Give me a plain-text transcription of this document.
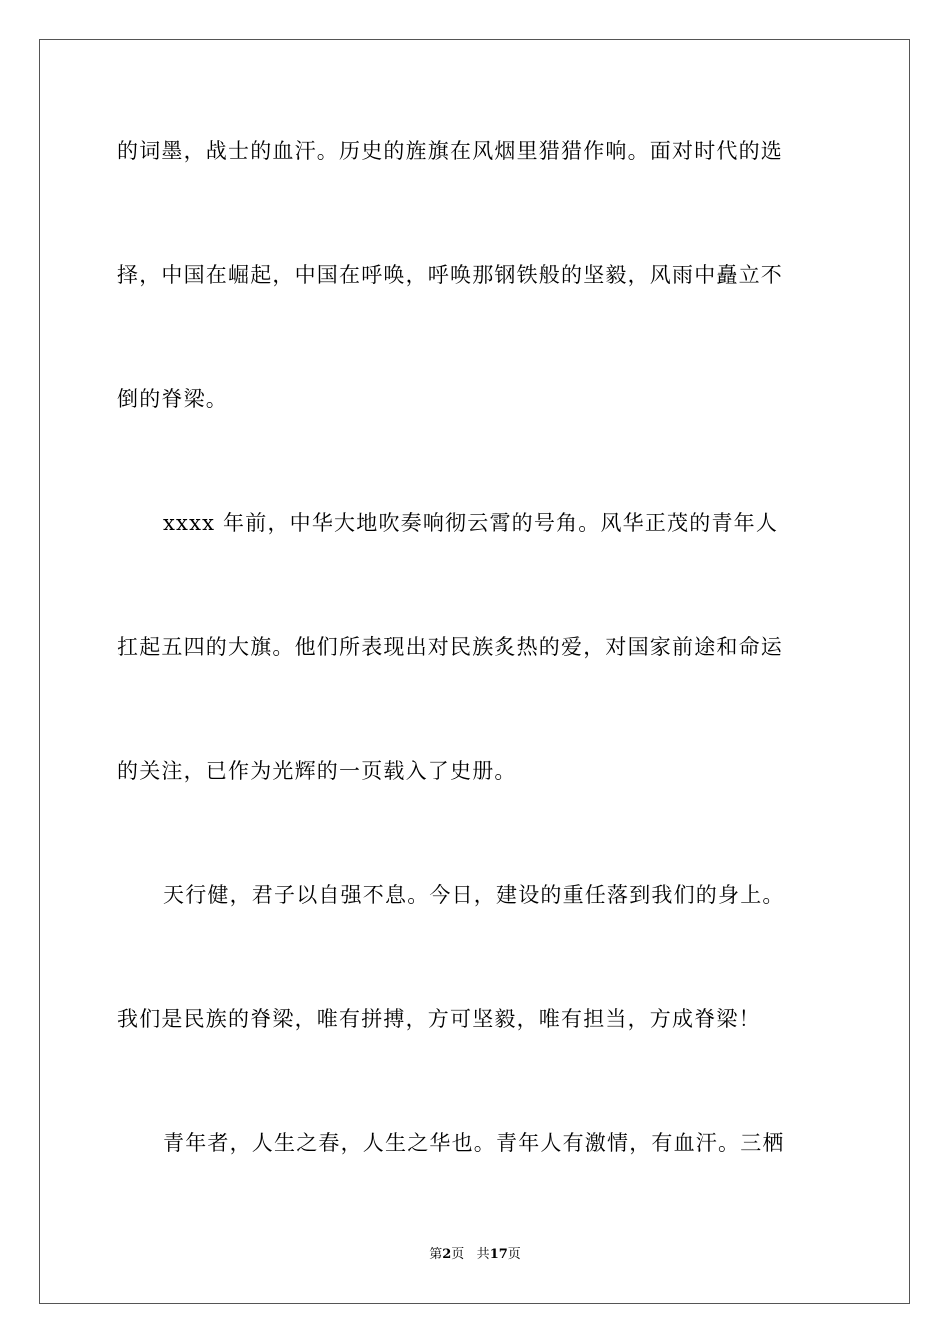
的词墨，战士的血汗。历史的旌旗在风烟里猎猎作响。面对时代的选
择，中国在崛起，中国在呼唤，呼唤那钢铁般的坚毅，风雨中矗立不
倒的脊梁。
xxxx 年前，中华大地吹奏响彻云霄的号角。风华正茂的青年人
扛起五四的大旗。他们所表现出对民族炙热的爱，对国家前途和命运
的关注，已作为光辉的一页载入了史册。
天行健，君子以自强不息。今日，建设的重任落到我们的身上。
我们是民族的脊梁，唯有拼搏，方可坚毅，唯有担当，方成脊梁！
青年者，人生之春，人生之华也。青年人有激情，有血汗。三栖
第2页 共17页
